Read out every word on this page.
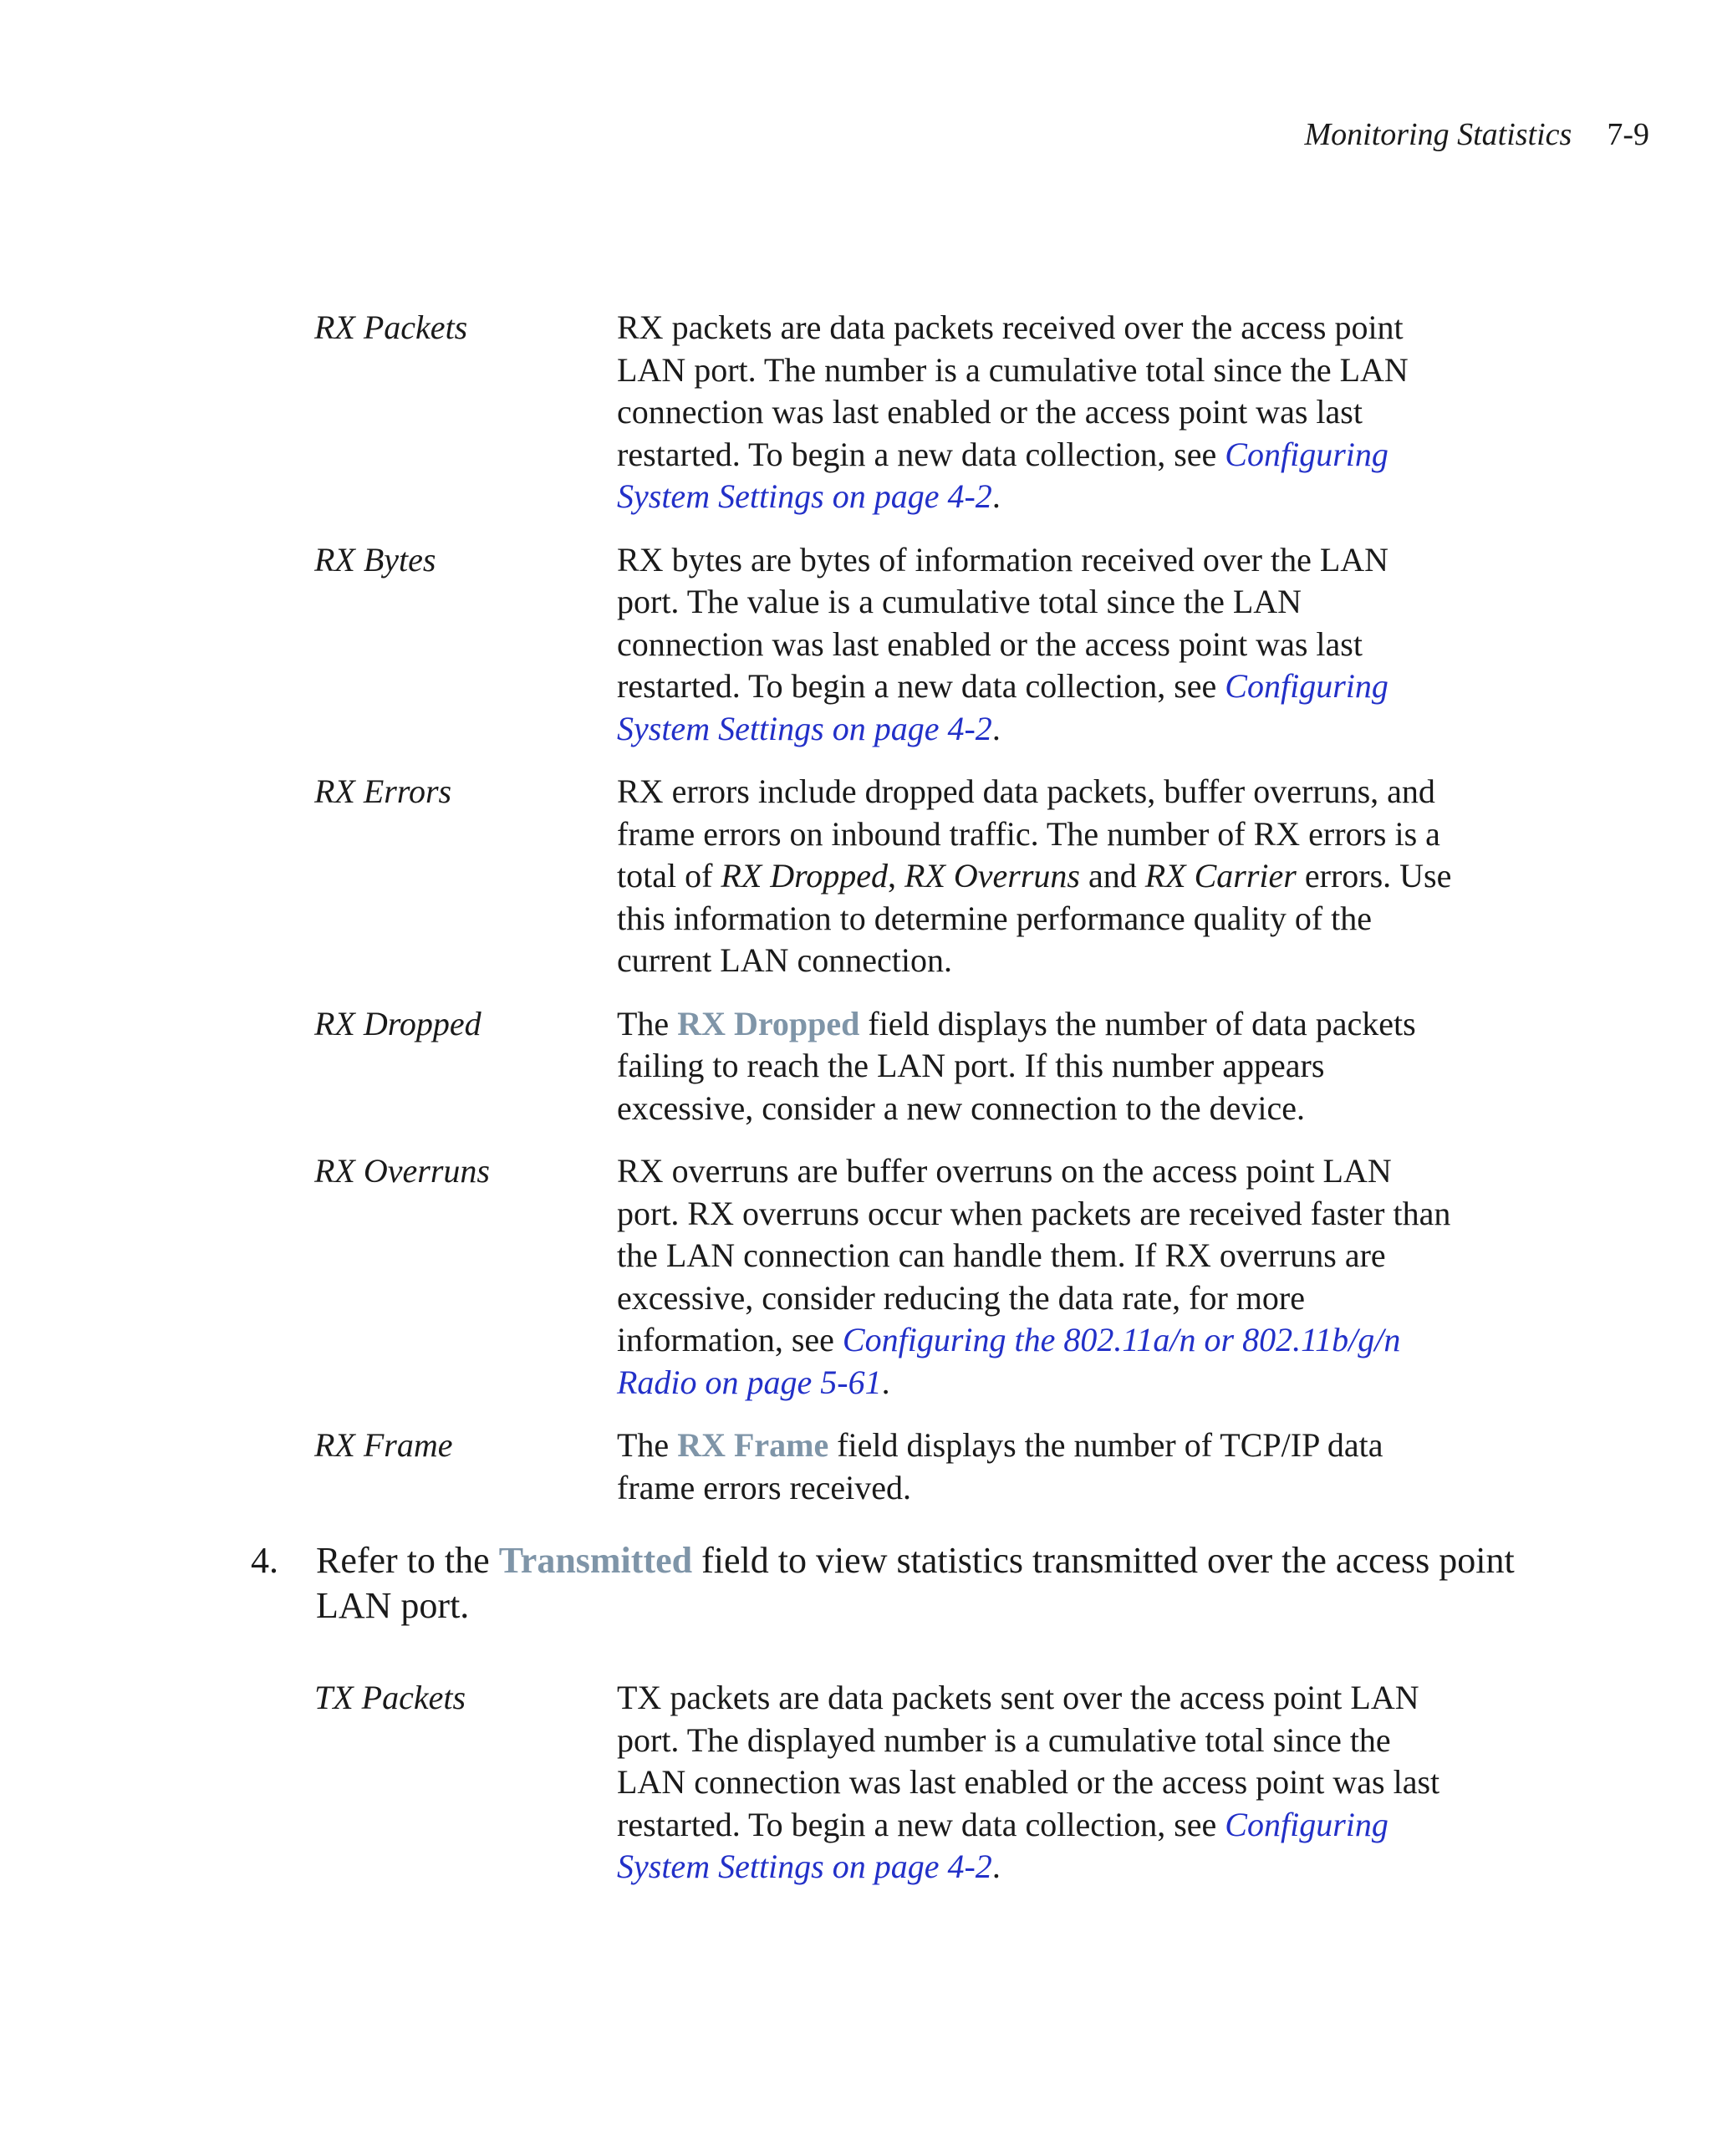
Monitoring Statistics 7-9
RX Packets	RX packets are data packets received over the access point LAN port. The number is a cumulative total since the LAN connection was last enabled or the access point was last restarted. To begin a new data collection, see Configuring System Settings on page 4-2.
RX Bytes	RX bytes are bytes of information received over the LAN port. The value is a cumulative total since the LAN connection was last enabled or the access point was last restarted. To begin a new data collection, see Configuring System Settings on page 4-2.
RX Errors	RX errors include dropped data packets, buffer overruns, and frame errors on inbound traffic. The number of RX errors is a total of RX Dropped, RX Overruns and RX Carrier errors. Use this information to determine performance quality of the current LAN connection.
RX Dropped	The RX Dropped field displays the number of data packets failing to reach the LAN port. If this number appears excessive, consider a new connection to the device.
RX Overruns	RX overruns are buffer overruns on the access point LAN port. RX overruns occur when packets are received faster than the LAN connection can handle them. If RX overruns are excessive, consider reducing the data rate, for more information, see Configuring the 802.11a/n or 802.11b/g/n Radio on page 5-61.
RX Frame	The RX Frame field displays the number of TCP/IP data frame errors received.
4. Refer to the Transmitted field to view statistics transmitted over the access point LAN port.
TX Packets	TX packets are data packets sent over the access point LAN port. The displayed number is a cumulative total since the LAN connection was last enabled or the access point was last restarted. To begin a new data collection, see Configuring System Settings on page 4-2.
